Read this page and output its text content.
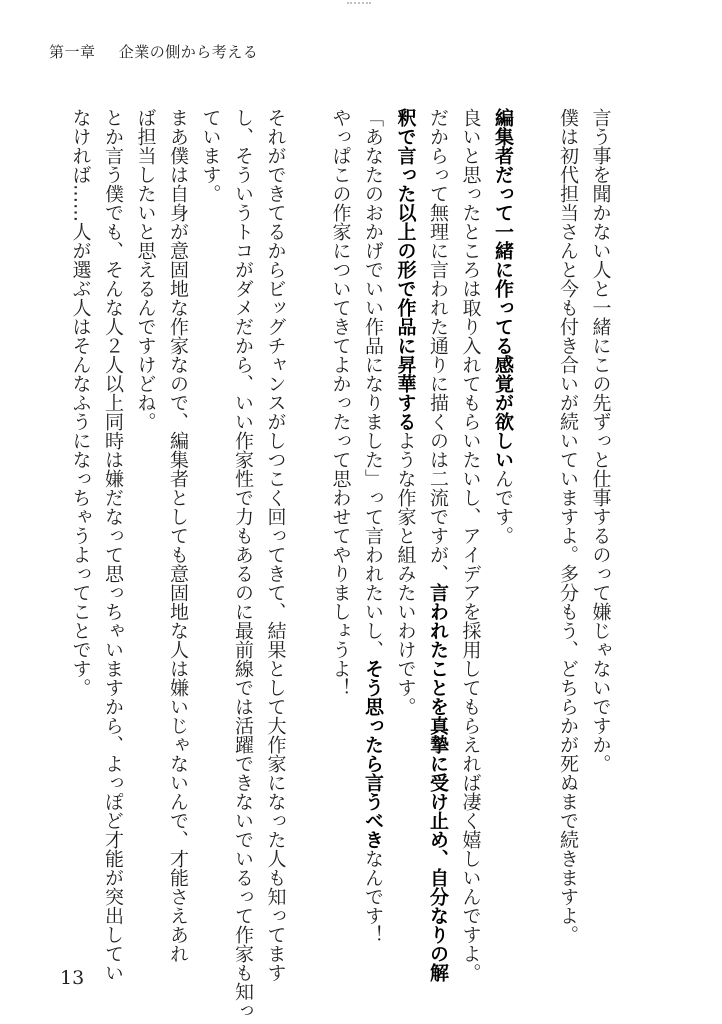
第一章 企業の側から考える
言う事を聞かない人と一緒にこの先ずっと仕事するのって嫌じゃないですか。
僕は初代担当さんと今も付き合いが続いていますよ。多分もう、どちらかが死ぬまで続きますよ。
編集者だって一緒に作ってる感覚が欲しいんです。
良いと思ったところは取り入れてもらいたいし、アイデアを採用してもらえれば凄く嬉しいんですよ。
だからって無理に言われた通りに描くのは二流ですが、言われたことを真摯に受け止め、自分なりの解
釈で言った以上の形で作品に昇華するような作家と組みたいわけです。
「あなたのおかげでいい作品になりました」って言われたいし、そう思ったら言うべきなんです！
やっぱこの作家についてきてよかったって思わせてやりましょうよ！
それができてるからビッグチャンスがしつこく回ってきて、結果として大作家になった人も知ってます
し、そういうトコがダメだから、いい作家性で力もあるのに最前線では活躍できないでいるって作家も知っ
ています。
まあ僕は自身が意固地な作家なので、編集者としても意固地な人は嫌いじゃないんで、才能さえあれ
ば担当したいと思えるんですけどね。
とか言う僕でも、そんな人２人以上同時は嫌だなって思っちゃいますから、よっぽど才能が突出してい
なければ……人が選ぶ人はそんなふうになっちゃうよってことです。
13
